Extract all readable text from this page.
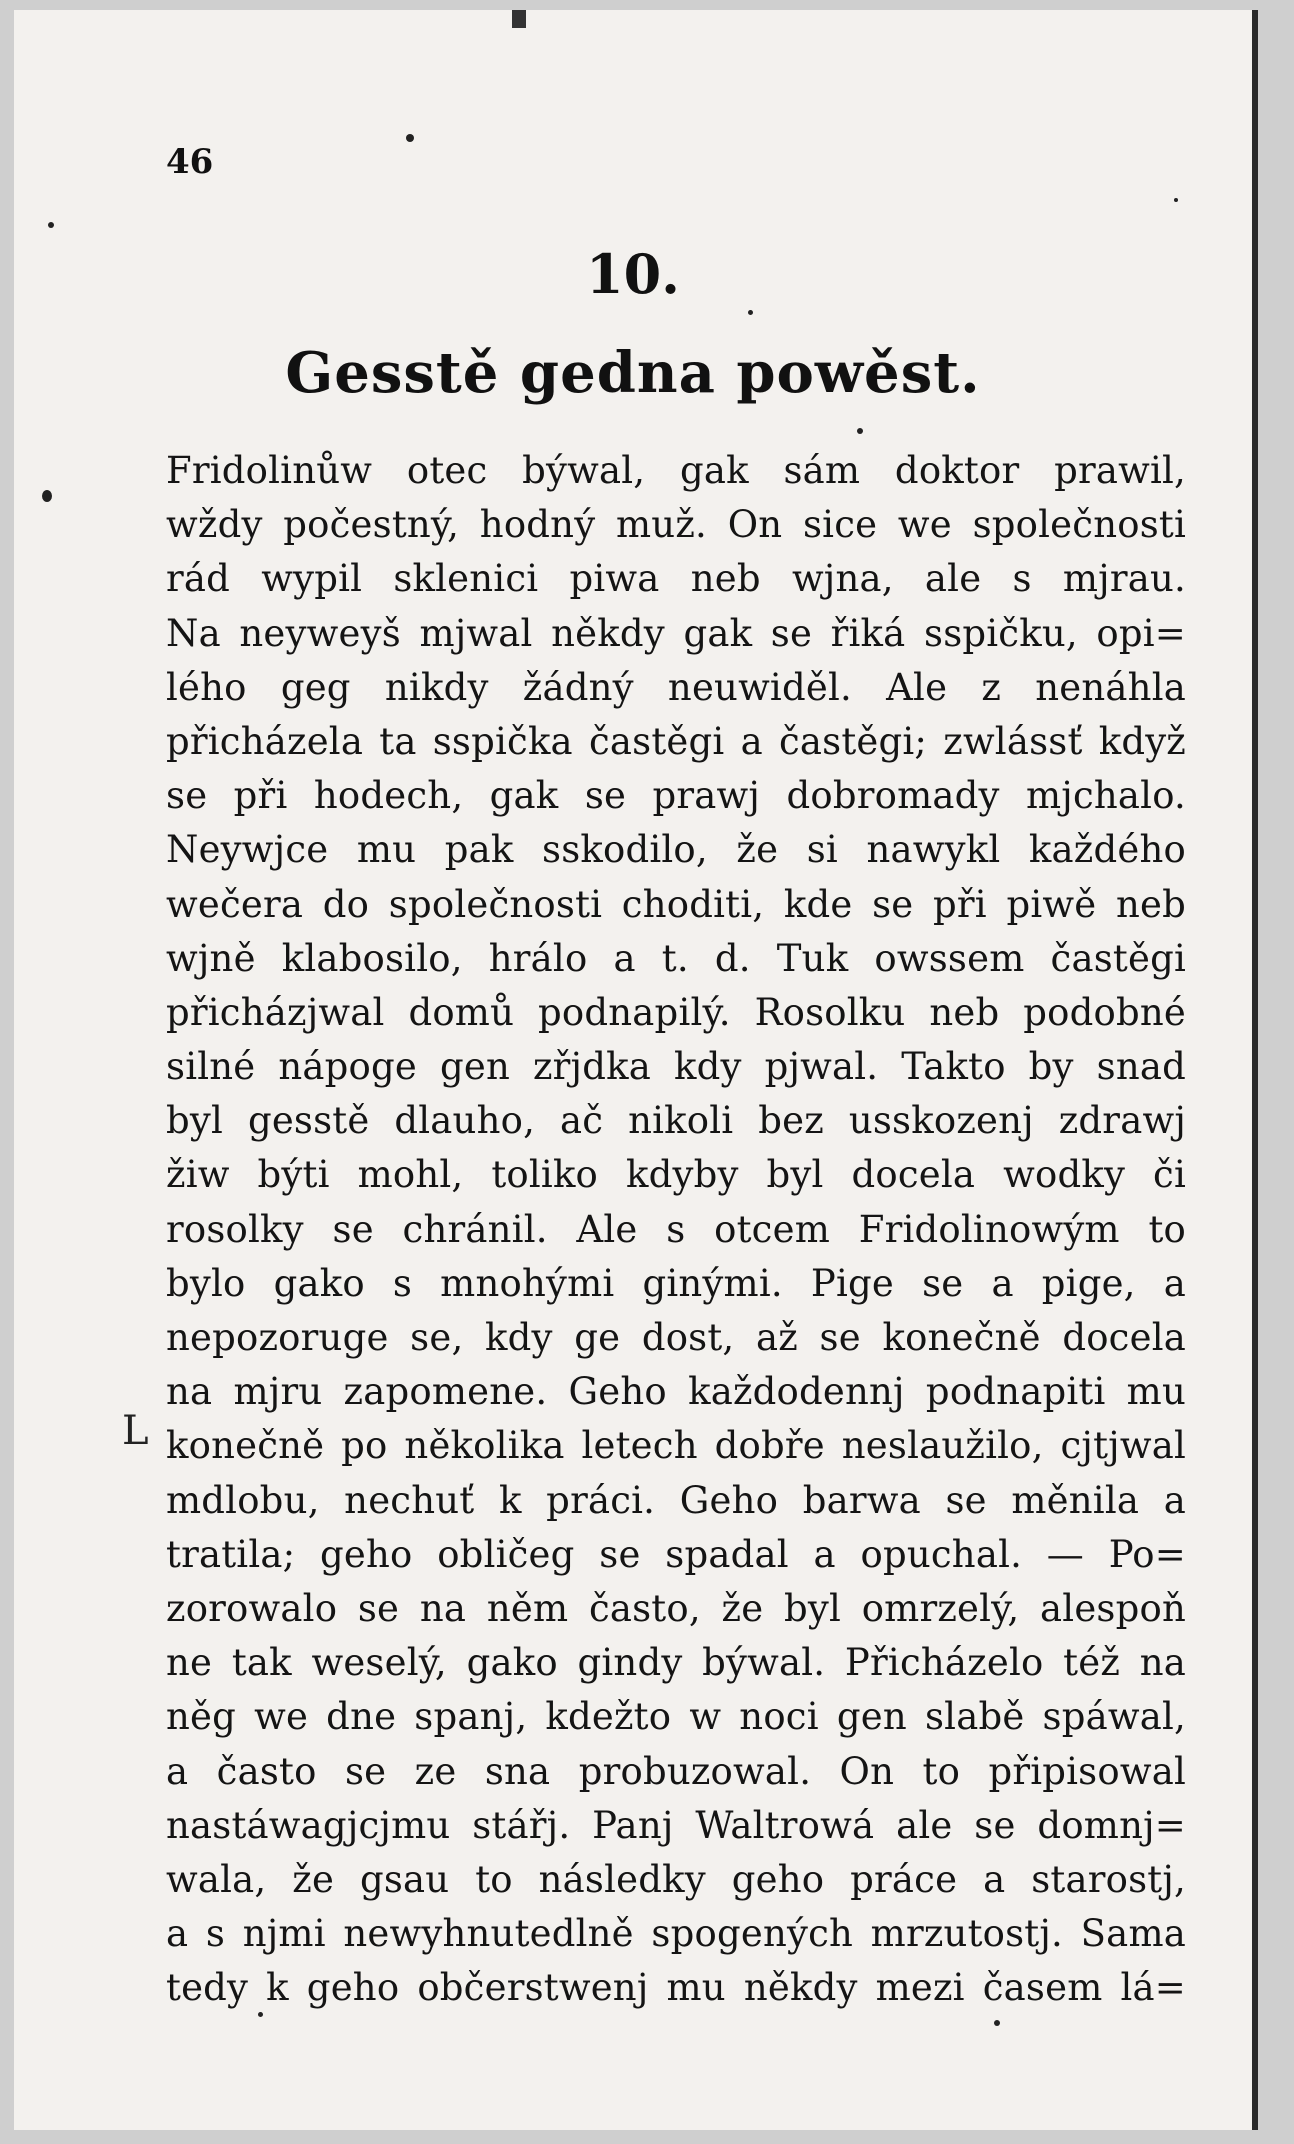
46
10.
Gesstě gedna powěst.
L
Fridolinůw otec býwal, gak sám doktor prawil,
wždy počestný, hodný muž. On sice we společnosti
rád wypil sklenici piwa neb wjna, ale s mjrau.
Na neyweyš mjwal někdy gak se řiká sspičku, opi=
lého geg nikdy žádný neuwiděl. Ale z nenáhla
přicházela ta sspička častěgi a častěgi; zwlássť když
se při hodech, gak se prawj dobromady mjchalo.
Neywjce mu pak sskodilo, že si nawykl každého
wečera do společnosti choditi, kde se při piwě neb
wjně klabosilo, hrálo a t. d. Tuk owssem častěgi
přicházjwal domů podnapilý. Rosolku neb podobné
silné nápoge gen zřjdka kdy pjwal. Takto by snad
byl gesstě dlauho, ač nikoli bez usskozenj zdrawj
žiw býti mohl, toliko kdyby byl docela wodky či
rosolky se chránil. Ale s otcem Fridolinowým to
bylo gako s mnohými ginými. Pige se a pige, a
nepozoruge se, kdy ge dost, až se konečně docela
na mjru zapomene. Geho každodennj podnapiti mu
konečně po několika letech dobře neslaužilo, cjtjwal
mdlobu, nechuť k práci. Geho barwa se měnila a
tratila; geho obličeg se spadal a opuchal. — Po=
zorowalo se na něm často, že byl omrzelý, alespoň
ne tak weselý, gako gindy býwal. Přicházelo též na
něg we dne spanj, kdežto w noci gen slabě spáwal,
a často se ze sna probuzowal. On to připisowal
nastáwagjcjmu stářj. Panj Waltrowá ale se domnj=
wala, že gsau to následky geho práce a starostj,
a s njmi newyhnutedlně spogených mrzutostj. Sama
tedy k geho občerstwenj mu někdy mezi časem lá=
